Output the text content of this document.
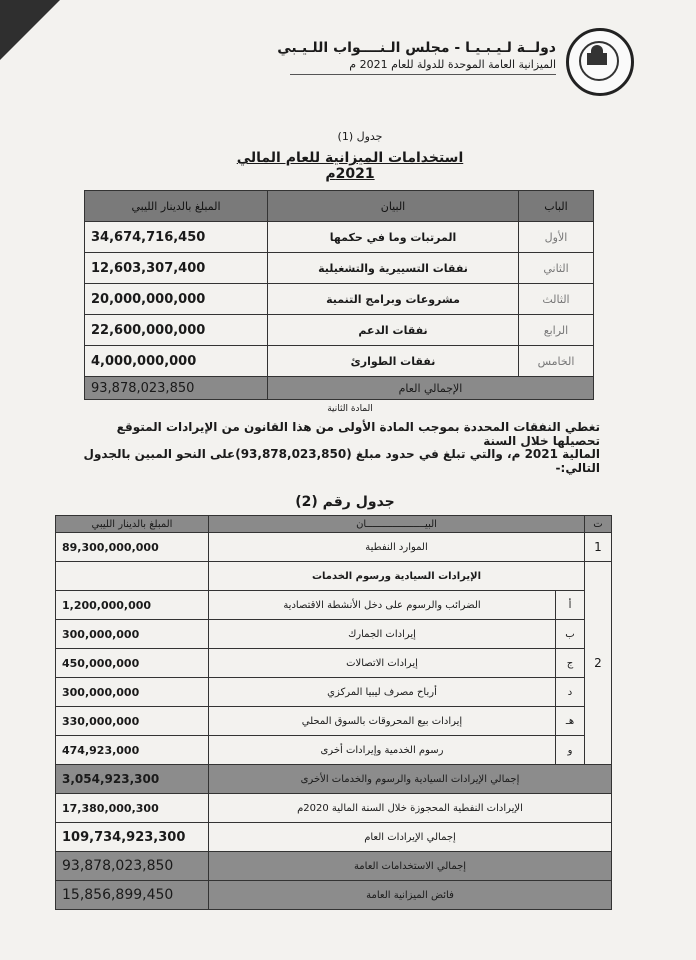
دولــة لـيـبـيـا - مجلس الـنــــواب اللـيـبي
الميزانية العامة الموحدة للدولة للعام 2021 م
جدول (1)
استخدامات الميزانية للعام المالي 2021م
المبلغ بالدينار الليبي	البيان	الباب
34,674,716,450	المرتبات وما في حكمها	الأول
12,603,307,400	نفقات التسييرية والتشغيلية	الثاني
20,000,000,000	مشروعات وبرامج التنمية	الثالث
22,600,000,000	نفقات الدعم	الرابع
4,000,000,000	نفقات الطوارئ	الخامس
93,878,023,850	الإجمالي العام	
المادة الثانية
تغطي النفقات المحددة بموجب المادة الأولى من هذا القانون من الإيرادات المتوقع تحصيلها خلال السنة
المالية 2021 م، والتي تبلغ في حدود مبلغ (93,878,023,850)على النحو المبين بالجدول التالي:-
جدول رقم (2)
المبلغ بالدينار الليبي	البيــــــــــــــــــــان		ت
89,300,000,000	الموارد النفطية		1
	الإيرادات السيادية ورسوم الخدمات		2
1,200,000,000	الضرائب والرسوم على دخل الأنشطة الاقتصادية	أ	
300,000,000	إيرادات الجمارك	ب	
450,000,000	إيرادات الاتصالات	ج	
300,000,000	أرباح مصرف ليبيا المركزي	د	
330,000,000	إيرادات بيع المحروقات بالسوق المحلي	هـ	
474,923,000	رسوم الخدمية وإيرادات أخرى	و	
3,054,923,300	إجمالي الإيرادات السيادية والرسوم والخدمات الأخرى		
17,380,000,300	الإيرادات النفطية المحجوزة خلال السنة المالية 2020م		
109,734,923,300	إجمالي الإيرادات العام		
93,878,023,850	إجمالي الاستخدامات العامة		
15,856,899,450	فائض الميزانية العامة		
